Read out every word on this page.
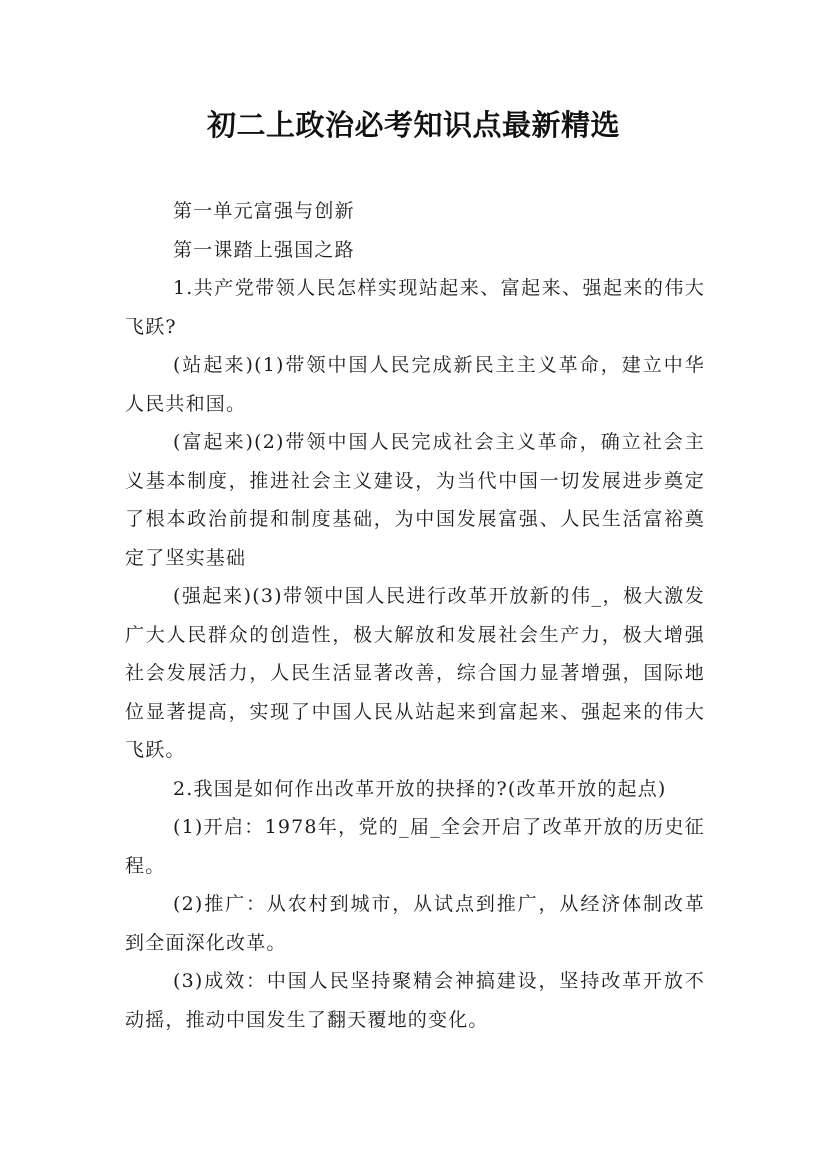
初二上政治必考知识点最新精选

第一单元富强与创新

第一课踏上强国之路

1.共产党带领人民怎样实现站起来、富起来、强起来的伟大飞跃?

(站起来)(1)带领中国人民完成新民主主义革命，建立中华人民共和国。

(富起来)(2)带领中国人民完成社会主义革命，确立社会主义基本制度，推进社会主义建设，为当代中国一切发展进步奠定了根本政治前提和制度基础，为中国发展富强、人民生活富裕奠定了坚实基础

(强起来)(3)带领中国人民进行改革开放新的伟_，极大激发广大人民群众的创造性，极大解放和发展社会生产力，极大增强社会发展活力，人民生活显著改善，综合国力显著增强，国际地位显著提高，实现了中国人民从站起来到富起来、强起来的伟大飞跃。

2.我国是如何作出改革开放的抉择的?(改革开放的起点)

(1)开启：1978年，党的_届_全会开启了改革开放的历史征程。

(2)推广：从农村到城市，从试点到推广，从经济体制改革到全面深化改革。

(3)成效：中国人民坚持聚精会神搞建设，坚持改革开放不动摇，推动中国发生了翻天覆地的变化。
